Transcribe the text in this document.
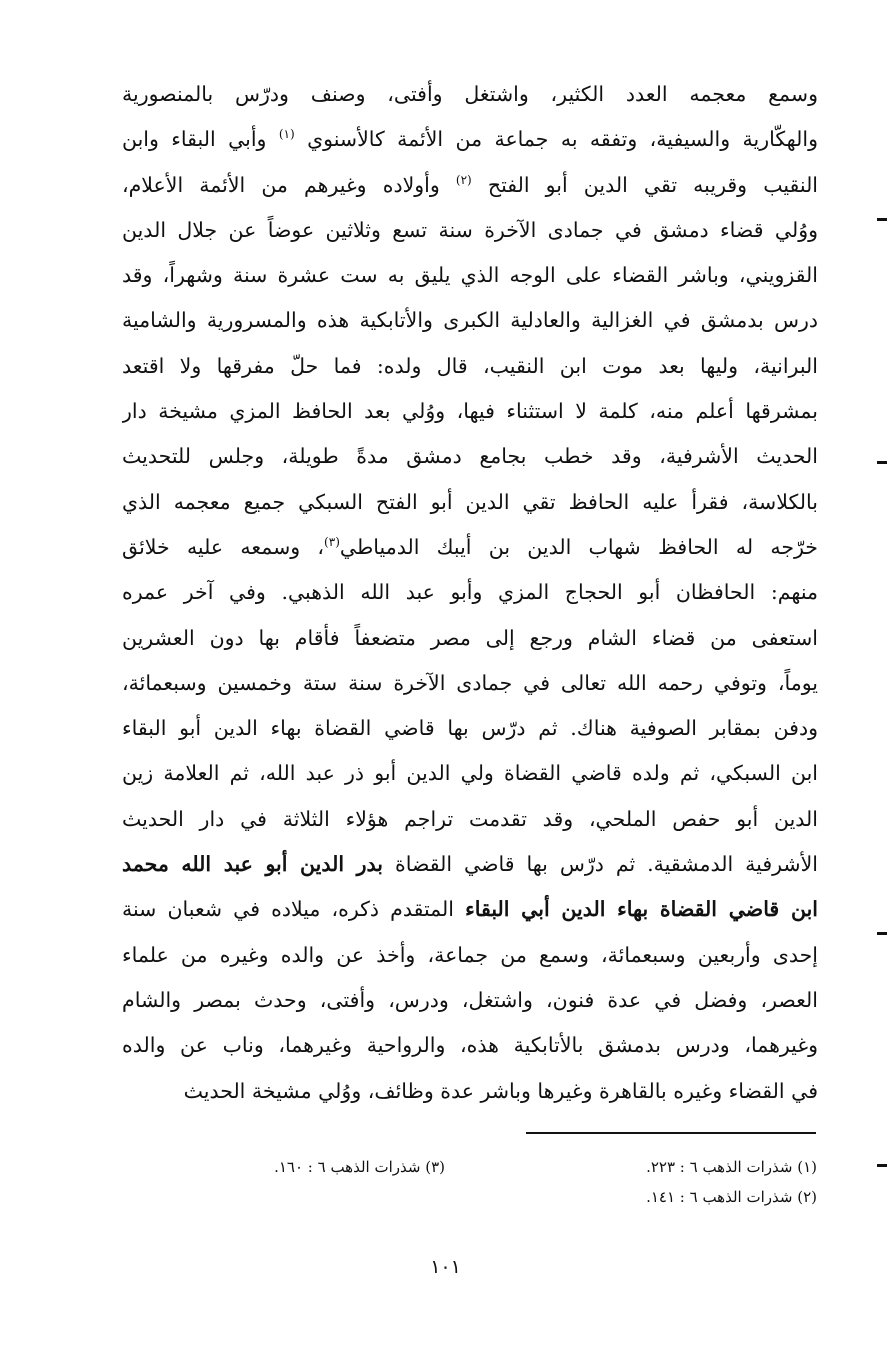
وسمع معجمه العدد الكثير، واشتغل وأفتى، وصنف ودرّس بالمنصورية
والهكّارية والسيفية، وتفقه به جماعة من الأئمة كالأسنوي $^{(١)}$ وأبي البقاء وابن
النقيب وقريبه تقي الدين أبو الفتح $^{(٢)}$ وأولاده وغيرهم من الأئمة الأعلام،
ووُلي قضاء دمشق في جمادى الآخرة سنة تسع وثلاثين عوضاً عن جلال الدين
القزويني، وباشر القضاء على الوجه الذي يليق به ست عشرة سنة وشهراً، وقد
درس بدمشق في الغزالية والعادلية الكبرى والأتابكية هذه والمسرورية والشامية
البرانية، وليها بعد موت ابن النقيب، قال ولده: فما حلّ مفرقها ولا اقتعد
بمشرقها أعلم منه، كلمة لا استثناء فيها، ووُلي بعد الحافظ المزي مشيخة دار
الحديث الأشرفية، وقد خطب بجامع دمشق مدةً طويلة، وجلس للتحديث
بالكلاسة، فقرأ عليه الحافظ تقي الدين أبو الفتح السبكي جميع معجمه الذي
خرّجه له الحافظ شهاب الدين بن أيبك الدمياطي$^{(٣)}$، وسمعه عليه خلائق
منهم: الحافظان أبو الحجاج المزي وأبو عبد الله الذهبي. وفي آخر عمره
استعفى من قضاء الشام ورجع إلى مصر متضعفاً فأقام بها دون العشرين
يوماً، وتوفي رحمه الله تعالى في جمادى الآخرة سنة ستة وخمسين وسبعمائة،
ودفن بمقابر الصوفية هناك. ثم درّس بها قاضي القضاة بهاء الدين أبو البقاء
ابن السبكي، ثم ولده قاضي القضاة ولي الدين أبو ذر عبد الله، ثم العلامة زين
الدين أبو حفص الملحي، وقد تقدمت تراجم هؤلاء الثلاثة في دار الحديث
الأشرفية الدمشقية. ثم درّس بها قاضي القضاة بدر الدين أبو عبد الله محمد
ابن قاضي القضاة بهاء الدين أبي البقاء المتقدم ذكره، ميلاده في شعبان سنة
إحدى وأربعين وسبعمائة، وسمع من جماعة، وأخذ عن والده وغيره من علماء
العصر، وفضل في عدة فنون، واشتغل، ودرس، وأفتى، وحدث بمصر والشام
وغيرهما، ودرس بدمشق بالأتابكية هذه، والرواحية وغيرهما، وناب عن والده
في القضاء وغيره بالقاهرة وغيرها وباشر عدة وظائف، ووُلي مشيخة الحديث
(١) شذرات الذهب ٦ : ٢٢٣.
(٢) شذرات الذهب ٦ : ١٤١.
(٣) شذرات الذهب ٦ : ١٦٠.
١٠١
